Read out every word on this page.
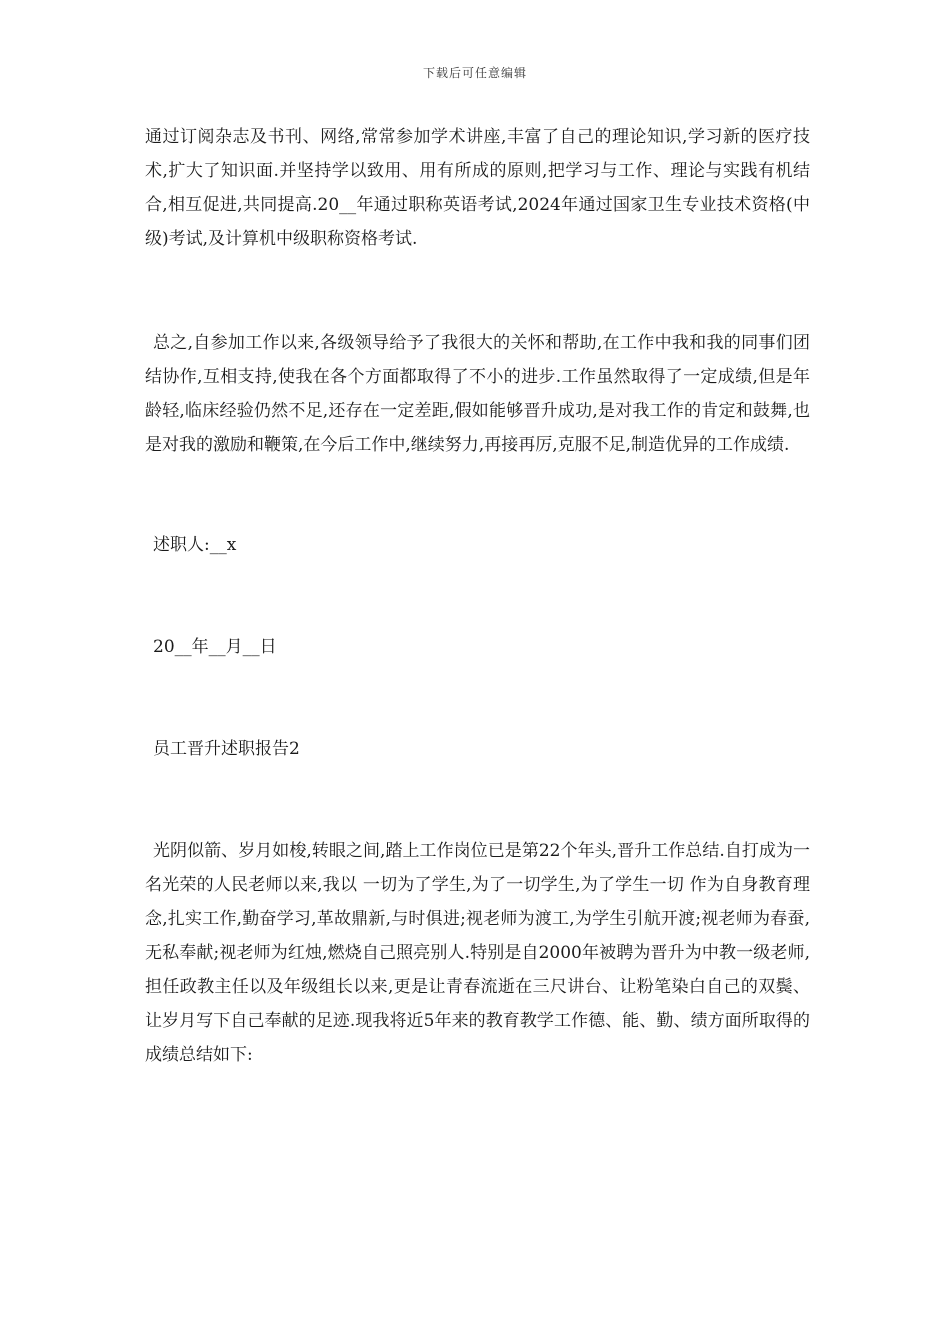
下载后可任意编辑

通过订阅杂志及书刊、网络,常常参加学术讲座,丰富了自己的理论知识,学习新的医疗技术,扩大了知识面.并坚持学以致用、用有所成的原则,把学习与工作、理论与实践有机结合,相互促进,共同提高.20__年通过职称英语考试,2024年通过国家卫生专业技术资格(中级)考试,及计算机中级职称资格考试.

总之,自参加工作以来,各级领导给予了我很大的关怀和帮助,在工作中我和我的同事们团结协作,互相支持,使我在各个方面都取得了不小的进步.工作虽然取得了一定成绩,但是年龄轻,临床经验仍然不足,还存在一定差距,假如能够晋升成功,是对我工作的肯定和鼓舞,也是对我的激励和鞭策,在今后工作中,继续努力,再接再厉,克服不足,制造优异的工作成绩.

述职人:__x

20__年__月__日

员工晋升述职报告2

光阴似箭、岁月如梭,转眼之间,踏上工作岗位已是第22个年头,晋升工作总结.自打成为一名光荣的人民老师以来,我以 一切为了学生,为了一切学生,为了学生一切 作为自身教育理念,扎实工作,勤奋学习,革故鼎新,与时俱进;视老师为渡工,为学生引航开渡;视老师为春蚕,无私奉献;视老师为红烛,燃烧自己照亮别人.特别是自2000年被聘为晋升为中教一级老师,担任政教主任以及年级组长以来,更是让青春流逝在三尺讲台、让粉笔染白自己的双鬓、让岁月写下自己奉献的足迹.现我将近5年来的教育教学工作德、能、勤、绩方面所取得的成绩总结如下:
